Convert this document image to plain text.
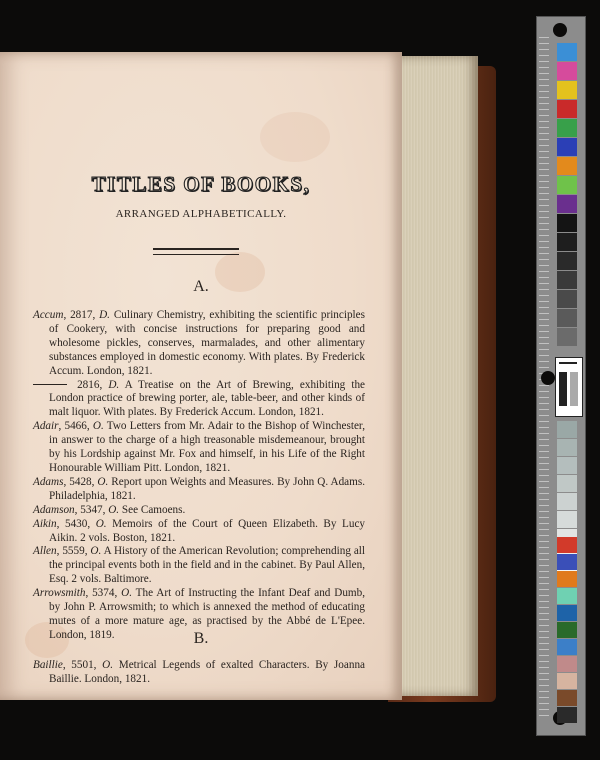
TITLES OF BOOKS,
ARRANGED ALPHABETICALLY.
A.
Accum, 2817, D. Culinary Chemistry, exhibiting the scientific principles of Cookery, with concise instructions for preparing good and wholesome pickles, conserves, marmalades, and other alimentary substances employed in domestic economy. With plates. By Frederick Accum. London, 1821.
2816, D. A Treatise on the Art of Brewing, exhibiting the London practice of brewing porter, ale, table-beer, and other kinds of malt liquor. With plates. By Frederick Accum. London, 1821.
Adair, 5466, O. Two Letters from Mr. Adair to the Bishop of Winchester, in answer to the charge of a high treasonable misdemeanour, brought by his Lordship against Mr. Fox and himself, in his Life of the Right Honourable William Pitt. London, 1821.
Adams, 5428, O. Report upon Weights and Measures. By John Q. Adams. Philadelphia, 1821.
Adamson, 5347, O. See Camoens.
Aikin, 5430, O. Memoirs of the Court of Queen Elizabeth. By Lucy Aikin. 2 vols. Boston, 1821.
Allen, 5559, O. A History of the American Revolution; comprehending all the principal events both in the field and in the cabinet. By Paul Allen, Esq. 2 vols. Baltimore.
Arrowsmith, 5374, O. The Art of Instructing the Infant Deaf and Dumb, by John P. Arrowsmith; to which is annexed the method of educating mutes of a more mature age, as practised by the Abbé de L'Epee. London, 1819.	B.
Baillie, 5501, O. Metrical Legends of exalted Characters. By Joanna Baillie. London, 1821.
